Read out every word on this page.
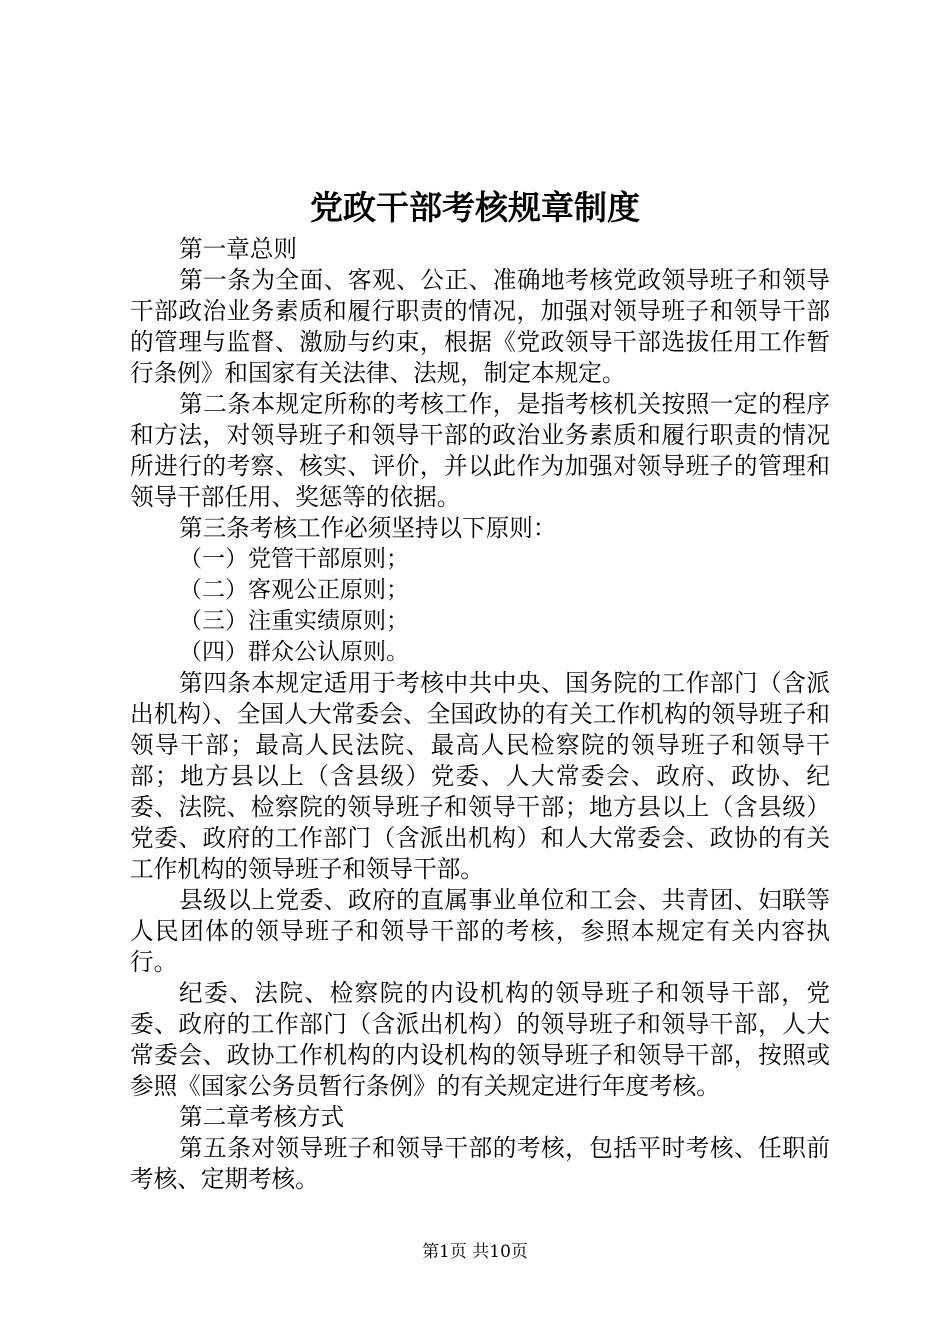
党政干部考核规章制度

第一章总则

第一条为全面、客观、公正、准确地考核党政领导班子和领导干部政治业务素质和履行职责的情况，加强对领导班子和领导干部的管理与监督、激励与约束，根据《党政领导干部选拔任用工作暂行条例》和国家有关法律、法规，制定本规定。

第二条本规定所称的考核工作，是指考核机关按照一定的程序和方法，对领导班子和领导干部的政治业务素质和履行职责的情况所进行的考察、核实、评价，并以此作为加强对领导班子的管理和领导干部任用、奖惩等的依据。

第三条考核工作必须坚持以下原则：

（一）党管干部原则；

（二）客观公正原则；

（三）注重实绩原则；

（四）群众公认原则。

第四条本规定适用于考核中共中央、国务院的工作部门（含派出机构）、全国人大常委会、全国政协的有关工作机构的领导班子和领导干部；最高人民法院、最高人民检察院的领导班子和领导干部；地方县以上（含县级）党委、人大常委会、政府、政协、纪委、法院、检察院的领导班子和领导干部；地方县以上（含县级）党委、政府的工作部门（含派出机构）和人大常委会、政协的有关工作机构的领导班子和领导干部。

县级以上党委、政府的直属事业单位和工会、共青团、妇联等人民团体的领导班子和领导干部的考核，参照本规定有关内容执行。

纪委、法院、检察院的内设机构的领导班子和领导干部，党委、政府的工作部门（含派出机构）的领导班子和领导干部，人大常委会、政协工作机构的内设机构的领导班子和领导干部，按照或参照《国家公务员暂行条例》的有关规定进行年度考核。

第二章考核方式

第五条对领导班子和领导干部的考核，包括平时考核、任职前考核、定期考核。

第1页 共10页
